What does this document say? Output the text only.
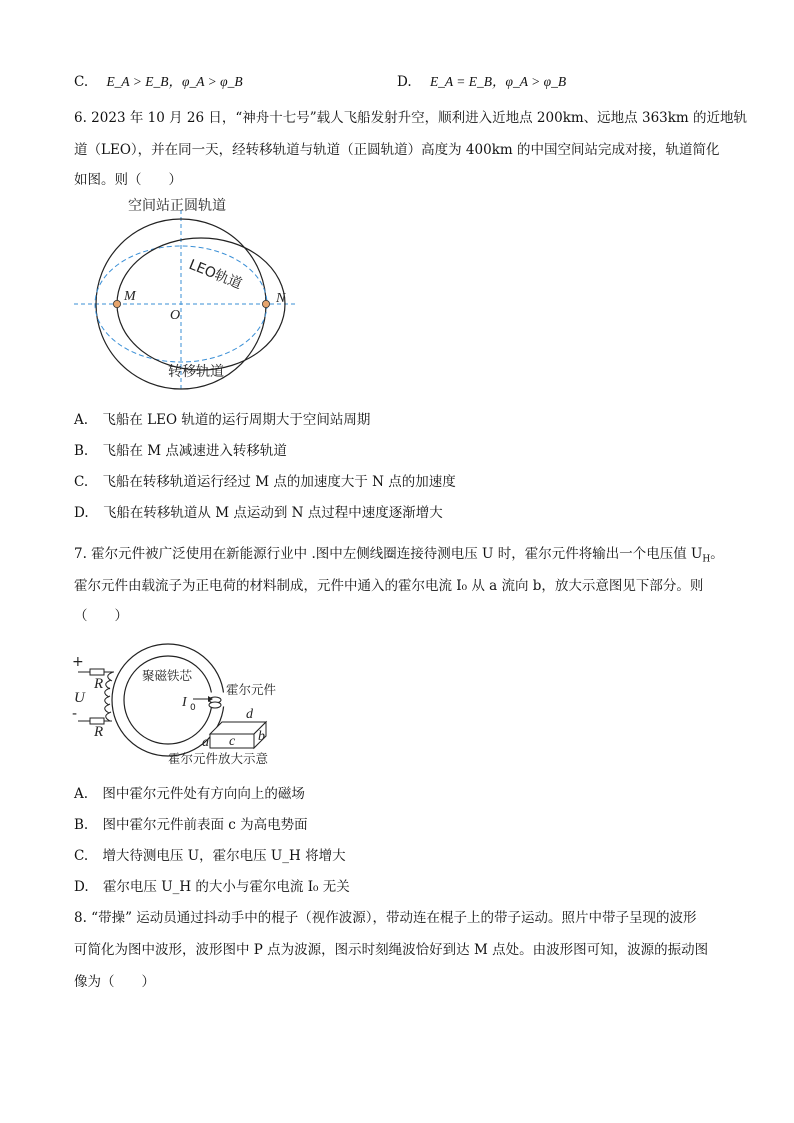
C. E_A > E_B，φ_A > φ_B	D. E_A = E_B，φ_A > φ_B
6. 2023 年 10 月 26 日，“神舟十七号”载人飞船发射升空，顺利进入近地点 200km、远地点 363km 的近地轨
道（LEO），并在同一天，经转移轨道与轨道（正圆轨道）高度为 400km 的中国空间站完成对接，轨道简化
如图。则（　　）
空间站正圆轨道
LEO轨道
转移轨道
M	N
O
A. 飞船在 LEO 轨道的运行周期大于空间站周期
B. 飞船在 M 点减速进入转移轨道
C. 飞船在转移轨道运行经过 M 点的加速度大于 N 点的加速度
D. 飞船在转移轨道从 M 点运动到 N 点过程中速度逐渐增大
7. 霍尔元件被广泛使用在新能源行业中 .图中左侧线圈连接待测电压 U 时，霍尔元件将输出一个电压值 $U_H$。
霍尔元件由载流子为正电荷的材料制成，元件中通入的霍尔电流 I₀ 从 a 流向 b，放大示意图见下部分。则
（　　）
+
-
U
R
R
聚磁铁芯
霍尔元件
I 0
a	b
c
d
霍尔元件放大示意
A. 图中霍尔元件处有方向向上的磁场
B. 图中霍尔元件前表面 c 为高电势面
C. 增大待测电压 U，霍尔电压 U_H 将增大
D. 霍尔电压 U_H 的大小与霍尔电流 I₀ 无关
8. “带操” 运动员通过抖动手中的棍子（视作波源），带动连在棍子上的带子运动。照片中带子呈现的波形
可简化为图中波形，波形图中 P 点为波源，图示时刻绳波恰好到达 M 点处。由波形图可知，波源的振动图
像为（　　）
